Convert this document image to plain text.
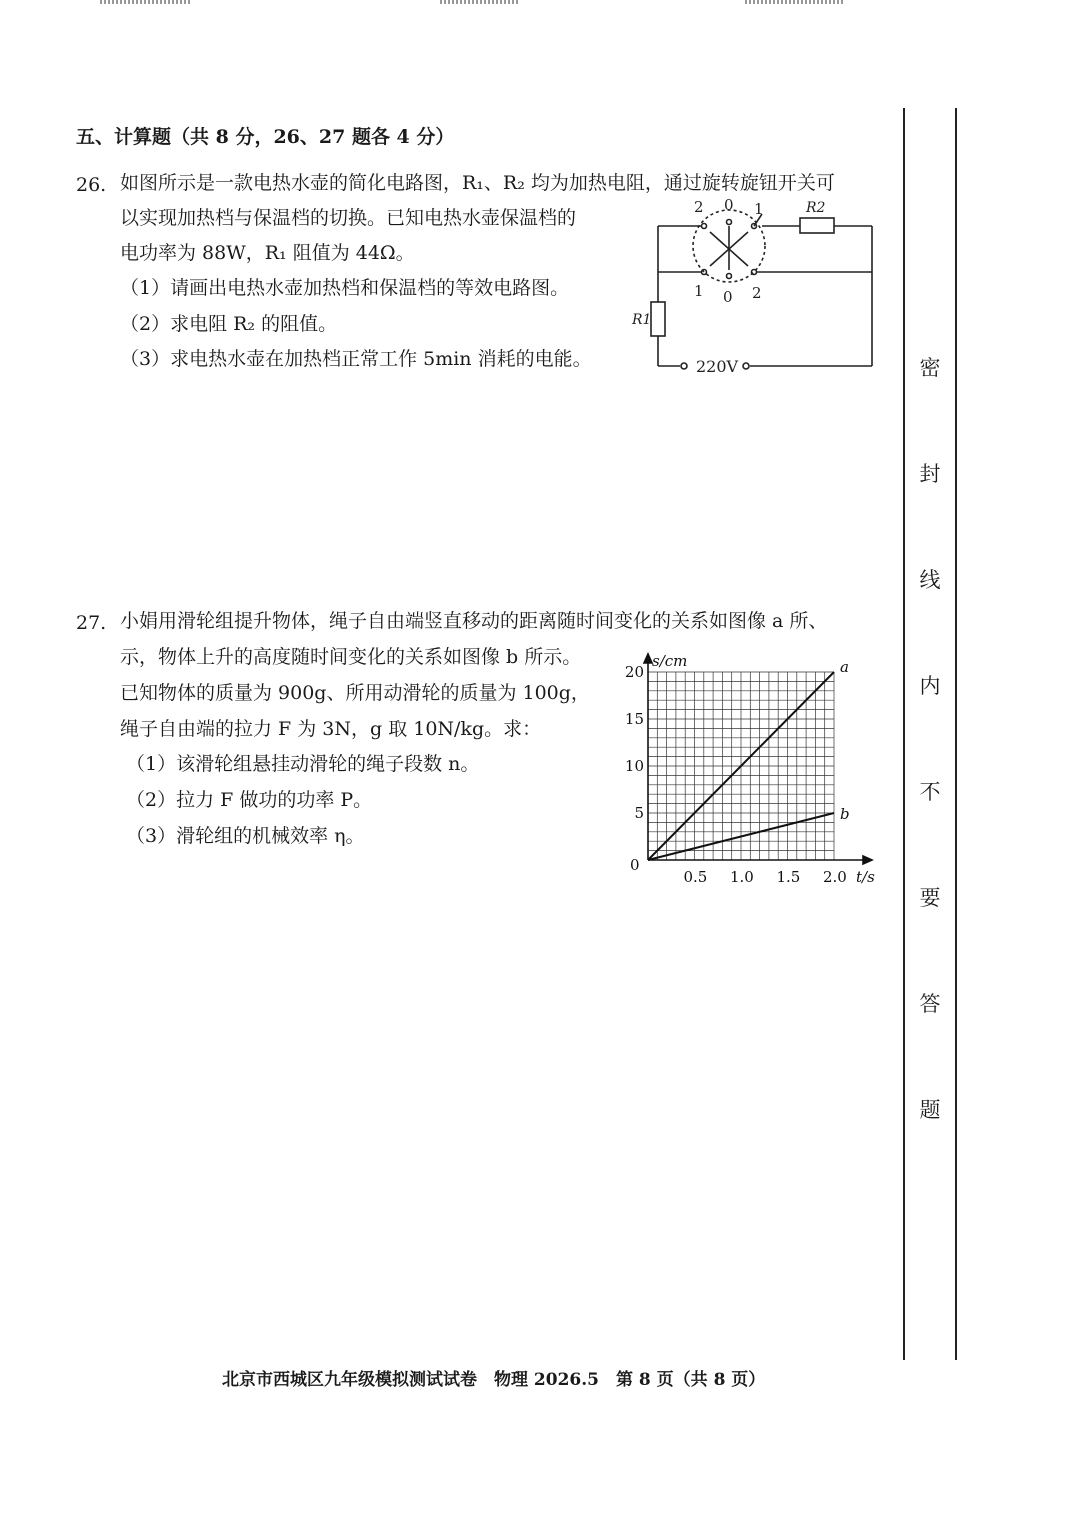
五、计算题（共 8 分，26、27 题各 4 分）
26. 如图所示是一款电热水壶的简化电路图，R₁、R₂ 均为加热电阻，通过旋转旋钮开关可
以实现加热档与保温档的切换。已知电热水壶保温档的
电功率为 88W，R₁ 阻值为 44Ω。
（1）请画出电热水壶加热档和保温档的等效电路图。
（2）求电阻 R₂ 的阻值。
（3）求电热水壶在加热档正常工作 5min 消耗的电能。
2 0 1
1 0 2
R1
R2
220V
27. 小娟用滑轮组提升物体，绳子自由端竖直移动的距离随时间变化的关系如图像 a 所、
示，物体上升的高度随时间变化的关系如图像 b 所示。
已知物体的质量为 900g、所用动滑轮的质量为 100g，
绳子自由端的拉力 F 为 3N，g 取 10N/kg。求：
（1）该滑轮组悬挂动滑轮的绳子段数 n。
（2）拉力 F 做功的功率 P。
（3）滑轮组的机械效率 η。
a
b
0.5 1.0 1.5 2.0
5
10
15
20
0
s/cm
t/s
密
封
线
内
不
要
答
题
北京市西城区九年级模拟测试试卷　物理 2026.5　第 8 页（共 8 页）
